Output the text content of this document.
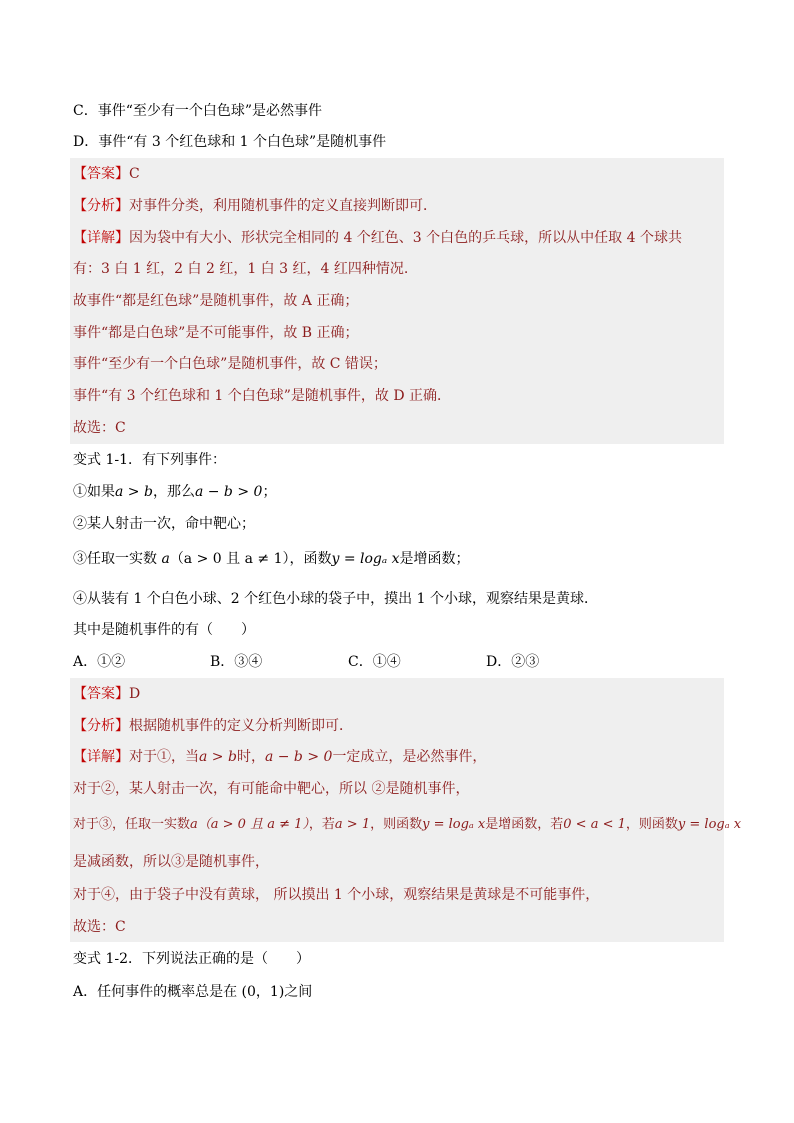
C．事件“至少有一个白色球”是必然事件
D．事件“有 3 个红色球和 1 个白色球”是随机事件
【答案】C
【分析】对事件分类，利用随机事件的定义直接判断即可．
【详解】因为袋中有大小、形状完全相同的 4 个红色、3 个白色的乒乓球，所以从中任取 4 个球共
有：3 白 1 红，2 白 2 红，1 白 3 红，4 红四种情况.
故事件“都是红色球”是随机事件，故 A 正确；
事件“都是白色球”是不可能事件，故 B 正确；
事件“至少有一个白色球”是随机事件，故 C 错误；
事件“有 3 个红色球和 1 个白色球”是随机事件，故 D 正确．
故选：C
变式 1-1．有下列事件：
①如果a > b，那么a − b > 0；
②某人射击一次，命中靶心；
③任取一实数 a（a > 0 且 a ≠ 1），函数y = logₐ x是增函数；
④从装有 1 个白色小球、2 个红色小球的袋子中，摸出 1 个小球，观察结果是黄球．
其中是随机事件的有（　　）
A．①②	B．③④	C．①④	D．②③
【答案】D
【分析】根据随机事件的定义分析判断即可．
【详解】对于①，当a > b时，a − b > 0一定成立，是必然事件，
对于②，某人射击一次，有可能命中靶心，所以 ②是随机事件，
对于③，任取一实数a（a > 0 且 a ≠ 1），若a > 1，则函数y = logₐ x是增函数，若0 < a < 1，则函数y = logₐ x
是减函数，所以③是随机事件，
对于④，由于袋子中没有黄球， 所以摸出 1 个小球，观察结果是黄球是不可能事件，
故选：C
变式 1-2．下列说法正确的是（　　）
A．任何事件的概率总是在 (0，1)之间
